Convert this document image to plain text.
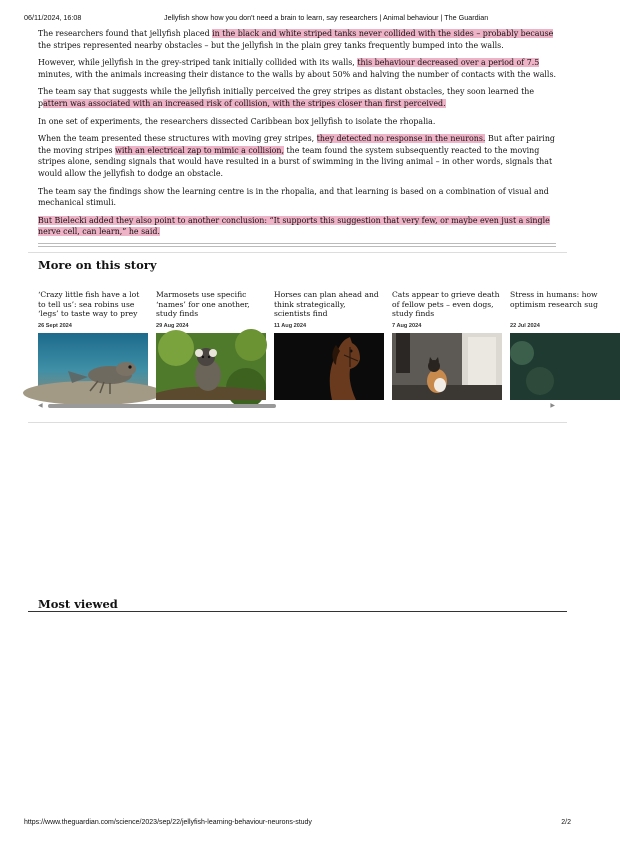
06/11/2024, 16:08	Jellyfish show how you don't need a brain to learn, say researchers | Animal behaviour | The Guardian

The researchers found that jellyfish placed in the black and white striped tanks never collided with the sides – probably because the stripes represented nearby obstacles – but the jellyfish in the plain grey tanks frequently bumped into the walls.

However, while jellyfish in the grey-striped tank initially collided with its walls, this behaviour decreased over a period of 7.5 minutes, with the animals increasing their distance to the walls by about 50% and halving the number of contacts with the walls.

The team say that suggests while the jellyfish initially perceived the grey stripes as distant obstacles, they soon learned the pattern was associated with an increased risk of collision, with the stripes closer than first perceived.

In one set of experiments, the researchers dissected Caribbean box jellyfish to isolate the rhopalia.

When the team presented these structures with moving grey stripes, they detected no response in the neurons. But after pairing the moving stripes with an electrical zap to mimic a collision, the team found the system subsequently reacted to the moving stripes alone, sending signals that would have resulted in a burst of swimming in the living animal – in other words, signals that would allow the jellyfish to dodge an obstacle.

The team say the findings show the learning centre is in the rhopalia, and that learning is based on a combination of visual and mechanical stimuli.

But Bielecki added they also point to another conclusion: “It supports this suggestion that very few, or maybe even just a single nerve cell, can learn,” he said.

More on this story
‘Crazy little fish have a lot to tell us’: sea robins use ‘legs’ to taste way to prey
26 Sept 2024
Marmosets use specific ‘names’ for one another, study finds
29 Aug 2024
Horses can plan ahead and think strategically, scientists find
11 Aug 2024
Cats appear to grieve death of fellow pets – even dogs, study finds
7 Aug 2024
Stress in humans: how optimism research sug
22 Jul 2024
◀	▶
Most viewed
https://www.theguardian.com/science/2023/sep/22/jellyfish-learning-behaviour-neurons-study	2/2
